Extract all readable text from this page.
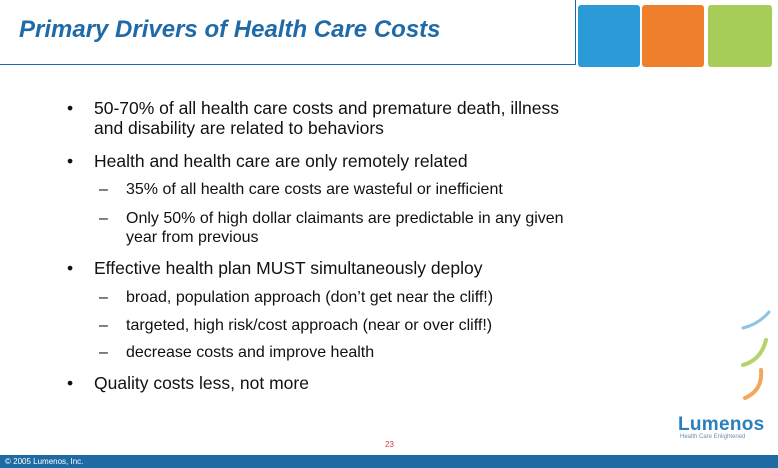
Primary Drivers of Health Care Costs
• 50-70% of all health care costs and premature death, illness
and disability are related to behaviors
• Health and health care are only remotely related
– 35% of all health care costs are wasteful or inefficient
– Only 50% of high dollar claimants are predictable in any given
year from previous
• Effective health plan MUST simultaneously deploy
– broad, population approach (don’t get near the cliff!)
– targeted, high risk/cost approach (near or over cliff!)
– decrease costs and improve health
• Quality costs less, not more
Lumenos
Health Care Enlightened
23
© 2005 Lumenos, Inc.
